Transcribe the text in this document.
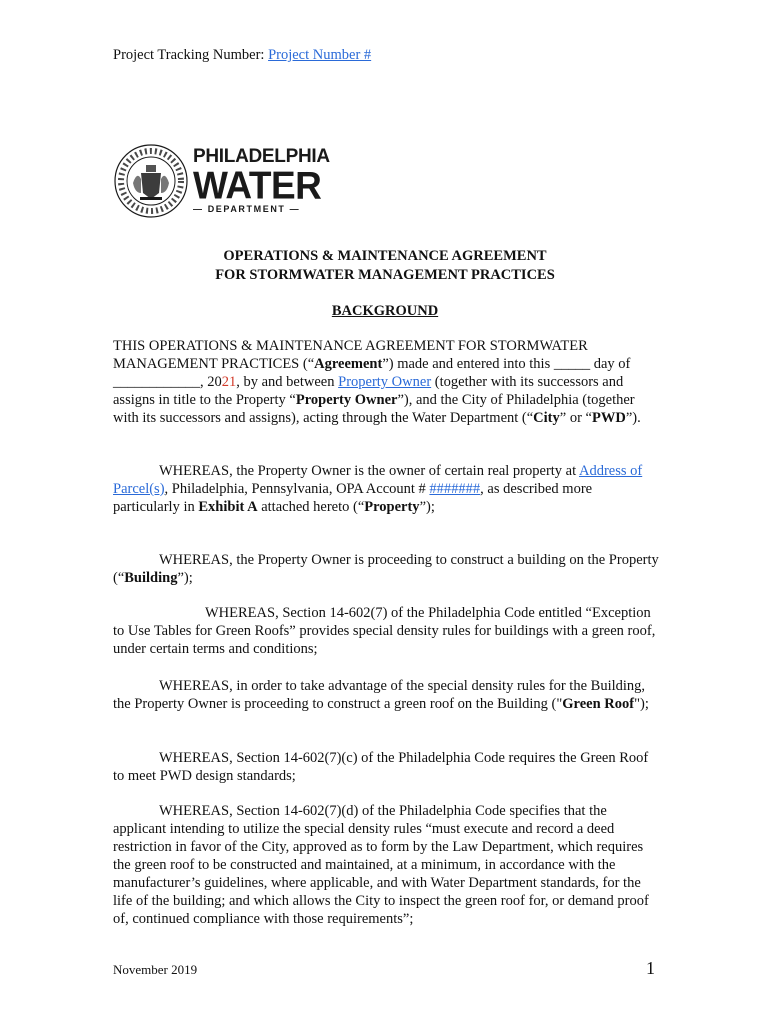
Project Tracking Number: Project Number #
PHILADELPHIA
WATER
— DEPARTMENT —
OPERATIONS & MAINTENANCE AGREEMENT
FOR STORMWATER MANAGEMENT PRACTICES
BACKGROUND
THIS OPERATIONS & MAINTENANCE AGREEMENT FOR STORMWATER MANAGEMENT PRACTICES (“Agreement”) made and entered into this _____ day of ____________, 2021, by and between Property Owner (together with its successors and assigns in title to the Property “Property Owner”), and the City of Philadelphia (together with its successors and assigns), acting through the Water Department (“City” or “PWD”).
WHEREAS, the Property Owner is the owner of certain real property at Address of Parcel(s), Philadelphia, Pennsylvania, OPA Account # #######, as described more particularly in Exhibit A attached hereto (“Property”);
WHEREAS, the Property Owner is proceeding to construct a building on the Property (“Building”);
WHEREAS, Section 14-602(7) of the Philadelphia Code entitled “Exception to Use Tables for Green Roofs” provides special density rules for buildings with a green roof, under certain terms and conditions;
WHEREAS, in order to take advantage of the special density rules for the Building, the Property Owner is proceeding to construct a green roof on the Building ("Green Roof");
WHEREAS, Section 14-602(7)(c) of the Philadelphia Code requires the Green Roof to meet PWD design standards;
WHEREAS, Section 14-602(7)(d) of the Philadelphia Code specifies that the applicant intending to utilize the special density rules “must execute and record a deed restriction in favor of the City, approved as to form by the Law Department, which requires the green roof to be constructed and maintained, at a minimum, in accordance with the manufacturer’s guidelines, where applicable, and with Water Department standards, for the life of the building; and which allows the City to inspect the green roof for, or demand proof of, continued compliance with those requirements”;
November 2019	1
